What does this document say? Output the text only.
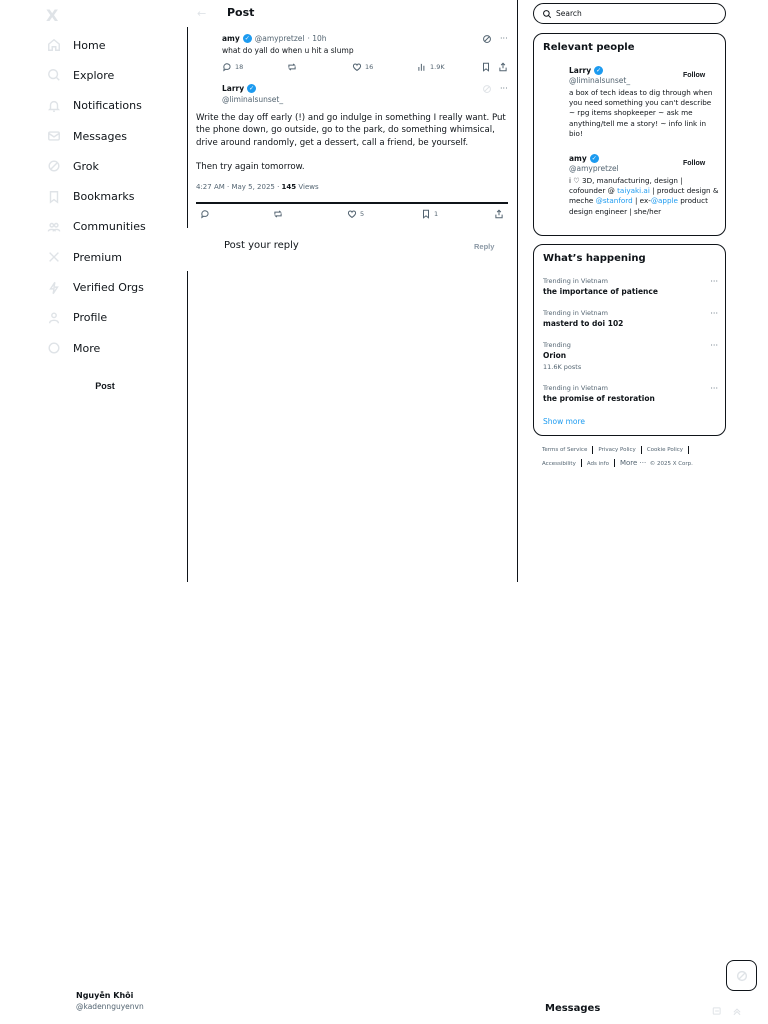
X
Home
Explore
Notifications
Messages
Grok
Bookmarks
Communities
Premium
Verified Orgs
Profile
More
Post
Nguyễn Khôi
@kadennguyenvn
← Post
amy ✓ @amypretzel · 10h
what do yall do when u hit a slump
···
18	16	1.9K
Larry ✓
@liminalsunset_
···

Write the day off early (!) and go indulge in something I really want. Put the phone down, go outside, go to the park, do something whimsical, drive around randomly, get a dessert, call a friend, be yourself.

Then try again tomorrow.

4:27 AM · May 5, 2025 · 145 Views
5	1
Post your reply	Reply
Search
Relevant people
Larry ✓
@liminalsunset_
a box of tech ideas to dig through when you need something you can't describe ~ rpg items shopkeeper ~ ask me anything/tell me a story! ~ info link in bio!
Follow
amy ✓
@amypretzel
i ♡ 3D, manufacturing, design | cofounder @ taiyaki.ai | product design & meche @stanford | ex-@apple product design engineer | she/her
Follow
What’s happening
Trending in Vietnam
the importance of patience
···
Trending in Vietnam
masterd to doi 102
···
Trending
Orion
11.6K posts
···
Trending in Vietnam
the promise of restoration
···
Show more
Terms of Service Privacy Policy Cookie Policy
Accessibility Ads info More ··· © 2025 X Corp.
Messages
